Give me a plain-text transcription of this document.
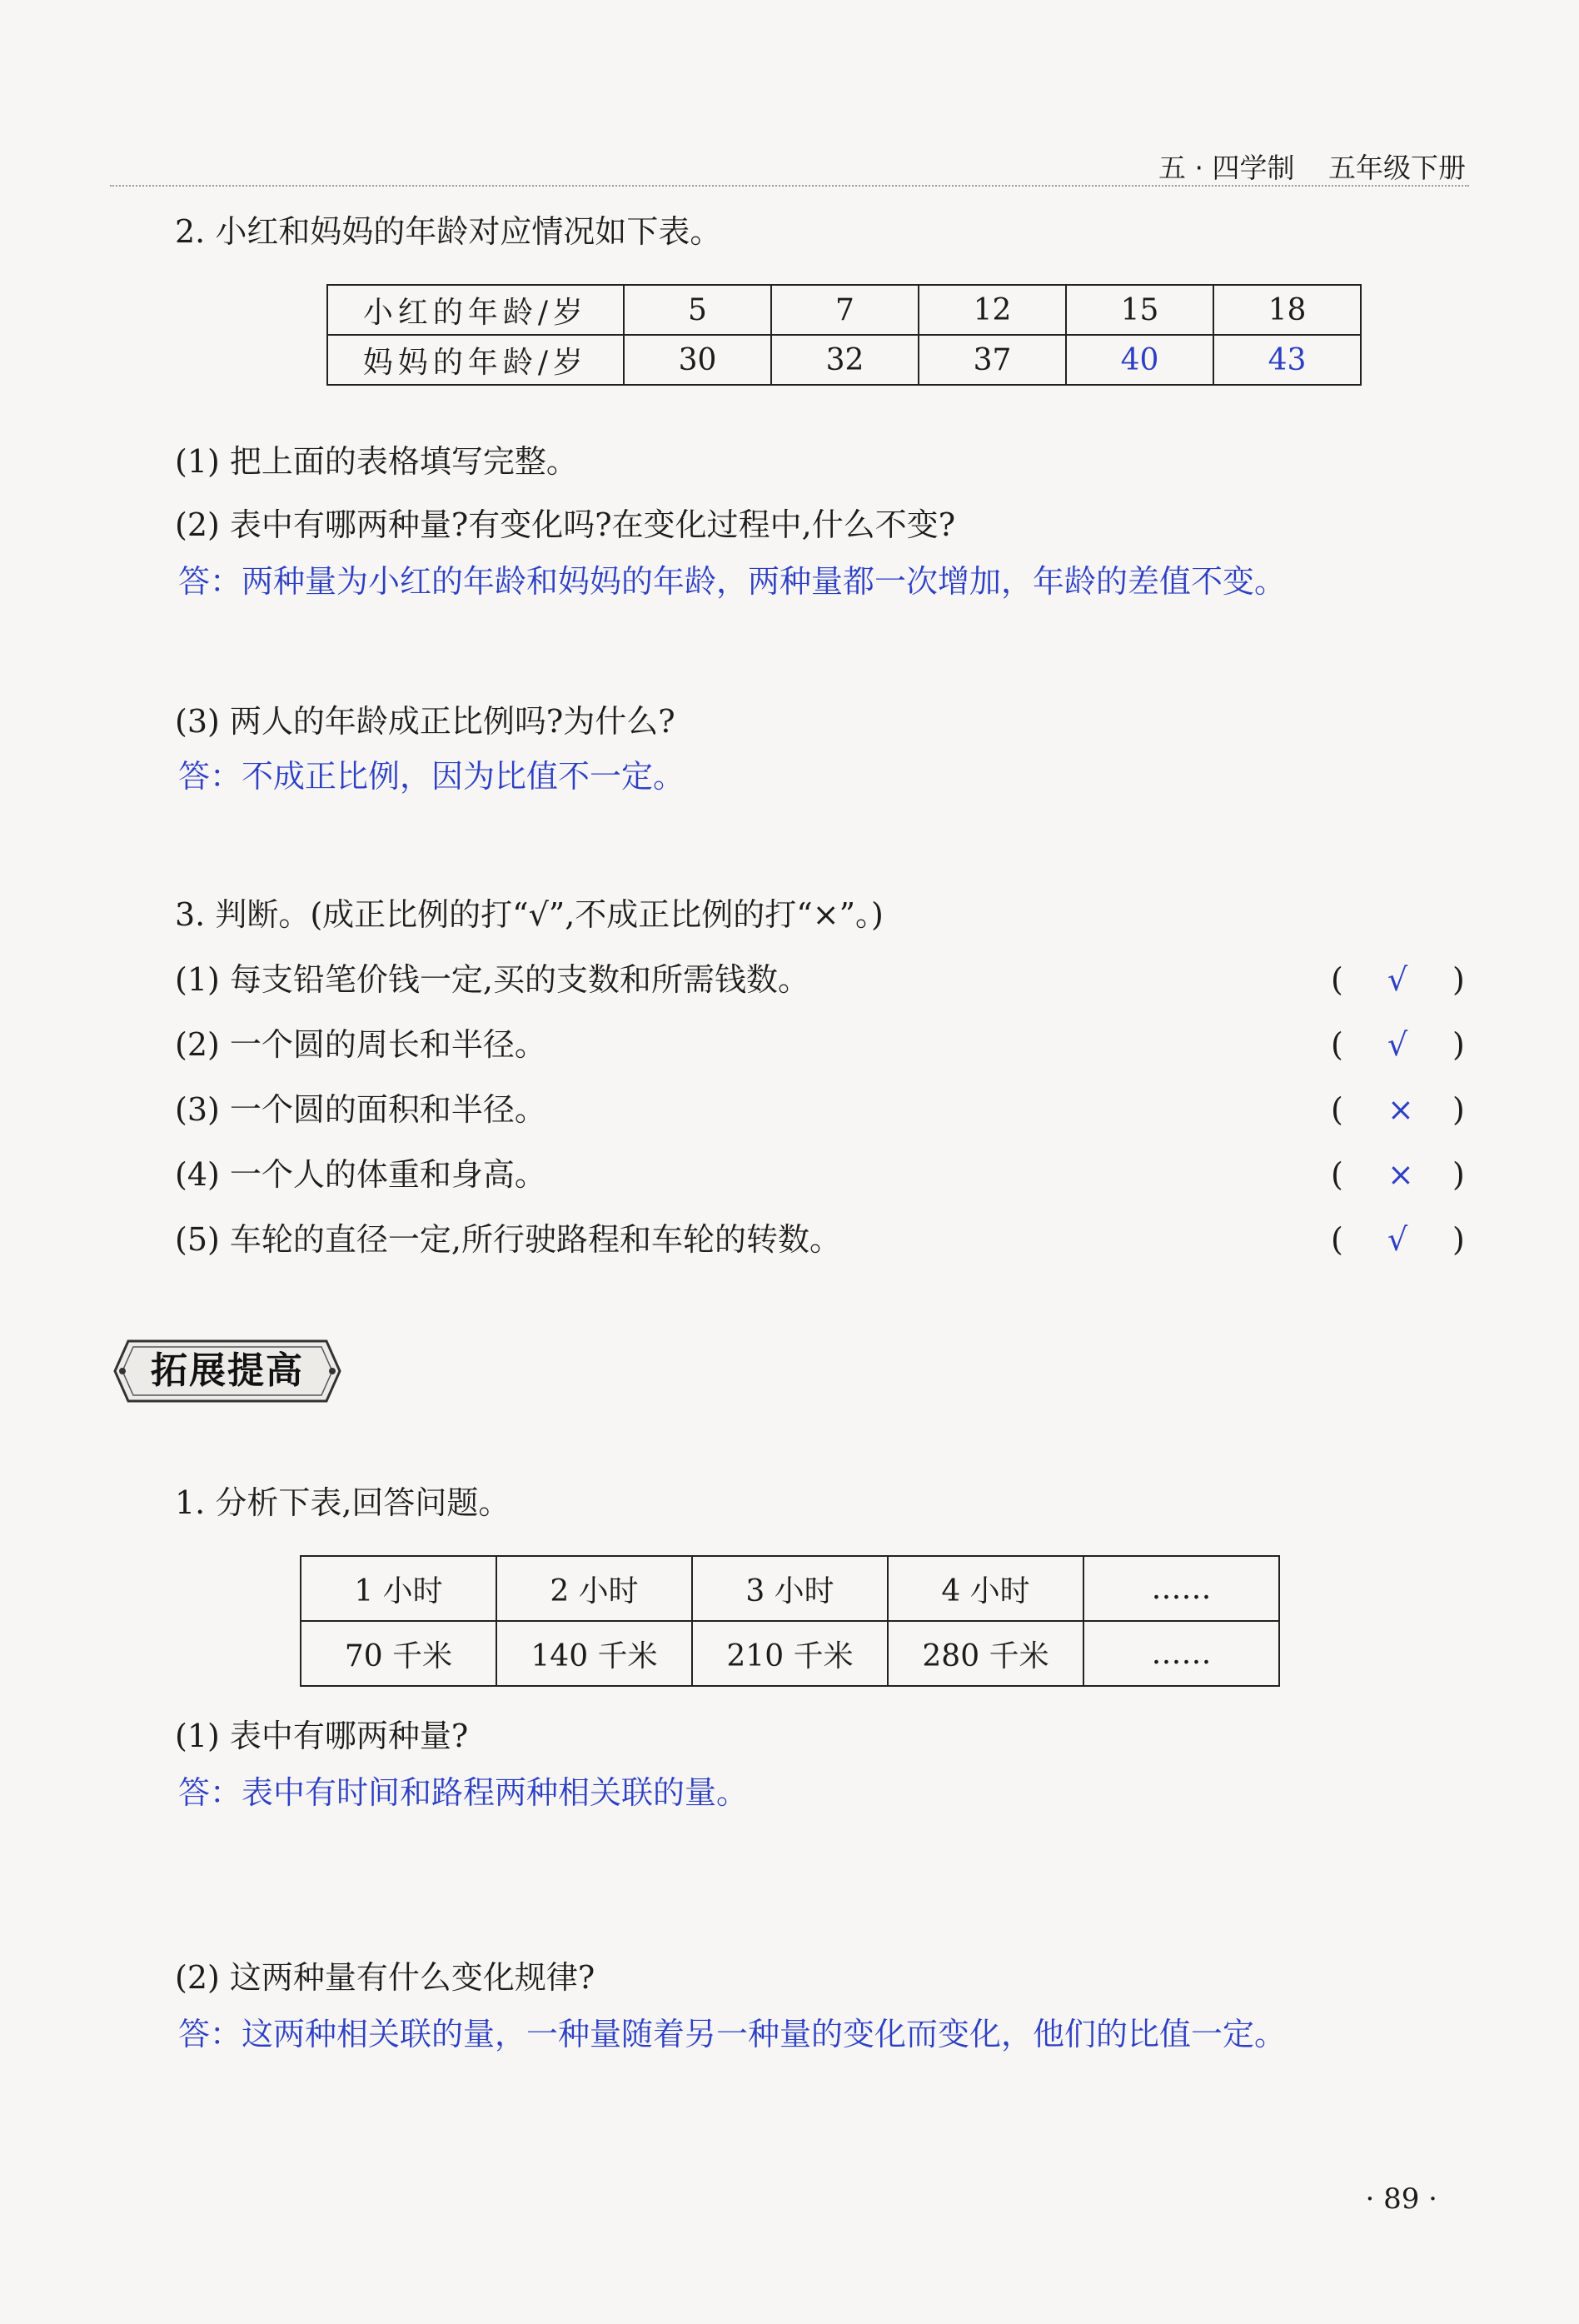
五 · 四学制 五年级下册
2. 小红和妈妈的年龄对应情况如下表。
小红的年龄/岁	5	7	12	15	18
妈妈的年龄/岁	30	32	37	40	43
(1) 把上面的表格填写完整。
(2) 表中有哪两种量?有变化吗?在变化过程中,什么不变?
答：两种量为小红的年龄和妈妈的年龄，两种量都一次增加，年龄的差值不变。
(3) 两人的年龄成正比例吗?为什么?
答：不成正比例，因为比值不一定。
3. 判断。(成正比例的打“√”,不成正比例的打“×”。)
(1) 每支铅笔价钱一定,买的支数和所需钱数。	( √ )
(2) 一个圆的周长和半径。	( √ )
(3) 一个圆的面积和半径。	( × )
(4) 一个人的体重和身高。	( × )
(5) 车轮的直径一定,所行驶路程和车轮的转数。	( √ )
拓展提高
1. 分析下表,回答问题。
1 小时	2 小时	3 小时	4 小时	……
70 千米	140 千米	210 千米	280 千米	……
(1) 表中有哪两种量?
答：表中有时间和路程两种相关联的量。
(2) 这两种量有什么变化规律?
答：这两种相关联的量，一种量随着另一种量的变化而变化，他们的比值一定。
· 89 ·
